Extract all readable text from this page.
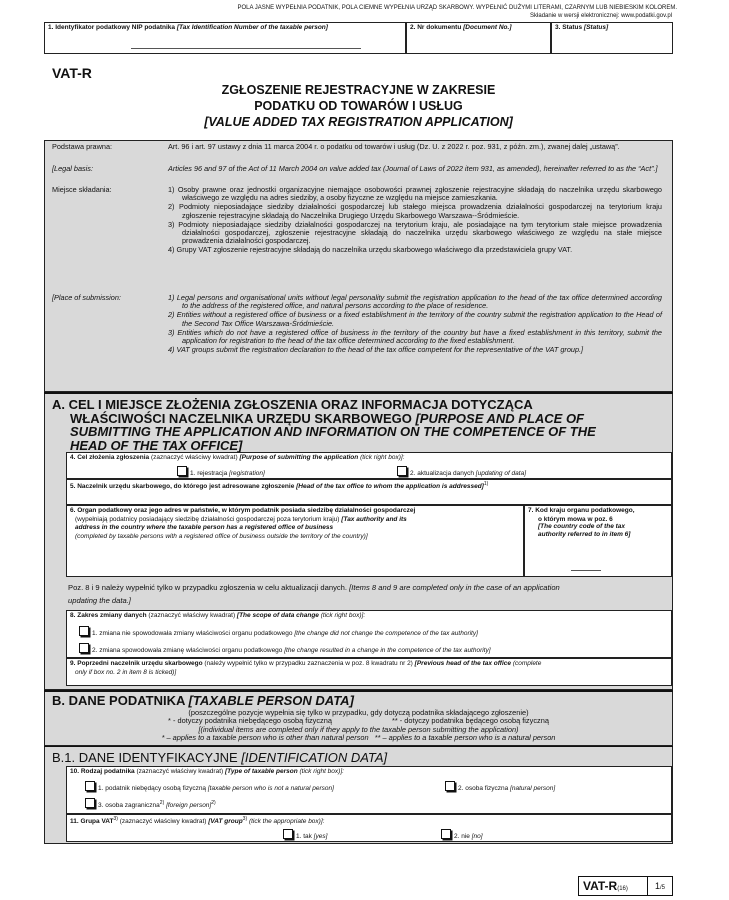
POLA JASNE WYPEŁNIA PODATNIK, POLA CIEMNE WYPEŁNIA URZĄD SKARBOWY. WYPEŁNIĆ DUŻYMI LITERAMI, CZARNYM LUB NIEBIESKIM KOLOREM.
Składanie w wersji elektronicznej: www.podatki.gov.pl
1. Identyfikator podatkowy NIP podatnika [Tax Identification Number of the taxable person]	2. Nr dokumentu [Document No.]	3. Status [Status]
VAT-R
ZGŁOSZENIE REJESTRACYJNE W ZAKRESIE
PODATKU OD TOWARÓW I USŁUG
[VALUE ADDED TAX REGISTRATION APPLICATION]
Podstawa prawna:	Art. 96 i art. 97 ustawy z dnia 11 marca 2004 r. o podatku od towarów i usług (Dz. U. z 2022 r. poz. 931, z późn. zm.), zwanej dalej „ustawą”.
[Legal basis:	Articles 96 and 97 of the Act of 11 March 2004 on value added tax (Journal of Laws of 2022 item 931, as amended), hereinafter referred to as the “Act”.]
Miejsce składania:	1) Osoby prawne oraz jednostki organizacyjne niemające osobowości prawnej zgłoszenie rejestracyjne składają do naczelnika urzędu skarbowego właściwego ze względu na adres siedziby, a osoby fizyczne ze względu na miejsce zamieszkania.
2) Podmioty nieposiadające siedziby działalności gospodarczej lub stałego miejsca prowadzenia działalności gospodarczej na terytorium kraju zgłoszenie rejestracyjne składają do Naczelnika Drugiego Urzędu Skarbowego Warszawa--Śródmieście.
3) Podmioty nieposiadające siedziby działalności gospodarczej na terytorium kraju, ale posiadające na tym terytorium stałe miejsce prowadzenia działalności gospodarczej, zgłoszenie rejestracyjne składają do naczelnika urzędu skarbowego właściwego ze względu na stałe miejsce prowadzenia działalności gospodarczej.
4) Grupy VAT zgłoszenie rejestracyjne składają do naczelnika urzędu skarbowego właściwego dla przedstawiciela grupy VAT.
[Place of submission:	1) Legal persons and organisational units without legal personality submit the registration application to the head of the tax office determined according to the address of the registered office, and natural persons according to the place of residence.
2) Entities without a registered office of business or a fixed establishment in the territory of the country submit the registration application to the Head of the Second Tax Office Warszawa-Śródmieście.
3) Entities which do not have a registered office of business in the territory of the country but have a fixed establishment in this territory, submit the application for registration to the head of the tax office determined according to the fixed establishment.
4) VAT groups submit the registration declaration to the head of the tax office competent for the representative of the VAT group.]
A. CEL I MIEJSCE ZŁOŻENIA ZGŁOSZENIA ORAZ INFORMACJA DOTYCZĄCA
WŁAŚCIWOŚCI NACZELNIKA URZĘDU SKARBOWEGO [PURPOSE AND PLACE OF
SUBMITTING THE APPLICATION AND INFORMATION ON THE COMPETENCE OF THE
HEAD OF THE TAX OFFICE]
4. Cel złożenia zgłoszenia (zaznaczyć właściwy kwadrat) [Purpose of submitting the application (tick right box)]:
1. rejestracja [registration]	2. aktualizacja danych [updating of data]
5. Naczelnik urzędu skarbowego, do którego jest adresowane zgłoszenie [Head of the tax office to whom the application is addressed]$^{1)}$
6. Organ podatkowy oraz jego adres w państwie, w którym podatnik posiada siedzibę działalności gospodarczej
(wypełniają podatnicy posiadający siedzibę działalności gospodarczej poza terytorium kraju) [Tax authority and its
address in the country where the taxable person has a registered office of business
(completed by taxable persons with a registered office of business outside the territory of the country)]
7. Kod kraju organu podatkowego,
o którym mowa w poz. 6
[The country code of the tax
authority referred to in item 6]
Poz. 8 i 9 należy wypełnić tylko w przypadku zgłoszenia w celu aktualizacji danych. [Items 8 and 9 are completed only in the case of an application
updating the data.]
8. Zakres zmiany danych (zaznaczyć właściwy kwadrat) [The scope of data change (tick right box)]:
1. zmiana nie spowodowała zmiany właściwości organu podatkowego [the change did not change the competence of the tax authority]
2. zmiana spowodowała zmianę właściwości organu podatkowego [the change resulted in a change in the competence of the tax authority]
9. Poprzedni naczelnik urzędu skarbowego (należy wypełnić tylko w przypadku zaznaczenia w poz. 8 kwadratu nr 2) [Previous head of the tax office (complete
only if box no. 2 in item 8 is ticked)]
B. DANE PODATNIKA [TAXABLE PERSON DATA]
(poszczególne pozycje wypełnia się tylko w przypadku, gdy dotyczą podatnika składającego zgłoszenie)
* - dotyczy podatnika niebędącego osobą fizyczną	** - dotyczy podatnika będącego osobą fizyczną
[(individual items are completed only if they apply to the taxable person submitting the application)
* – applies to a taxable person who is other than natural person ** – applies to a taxable person who is a natural person
B.1. DANE IDENTYFIKACYJNE [IDENTIFICATION DATA]
10. Rodzaj podatnika (zaznaczyć właściwy kwadrat) [Type of taxable person (tick right box)]:
1. podatnik niebędący osobą fizyczną [taxable person who is not a natural person]	2. osoba fizyczna [natural person]
3. osoba zagraniczna$^{2)}$ [foreign person]$^{2)}$
11. Grupa VAT$^{3)}$ (zaznaczyć właściwy kwadrat) [VAT group$^{3)}$ (tick the appropriate box)]:
1. tak [yes]	2. nie [no]
VAT-R(16)	1/5
